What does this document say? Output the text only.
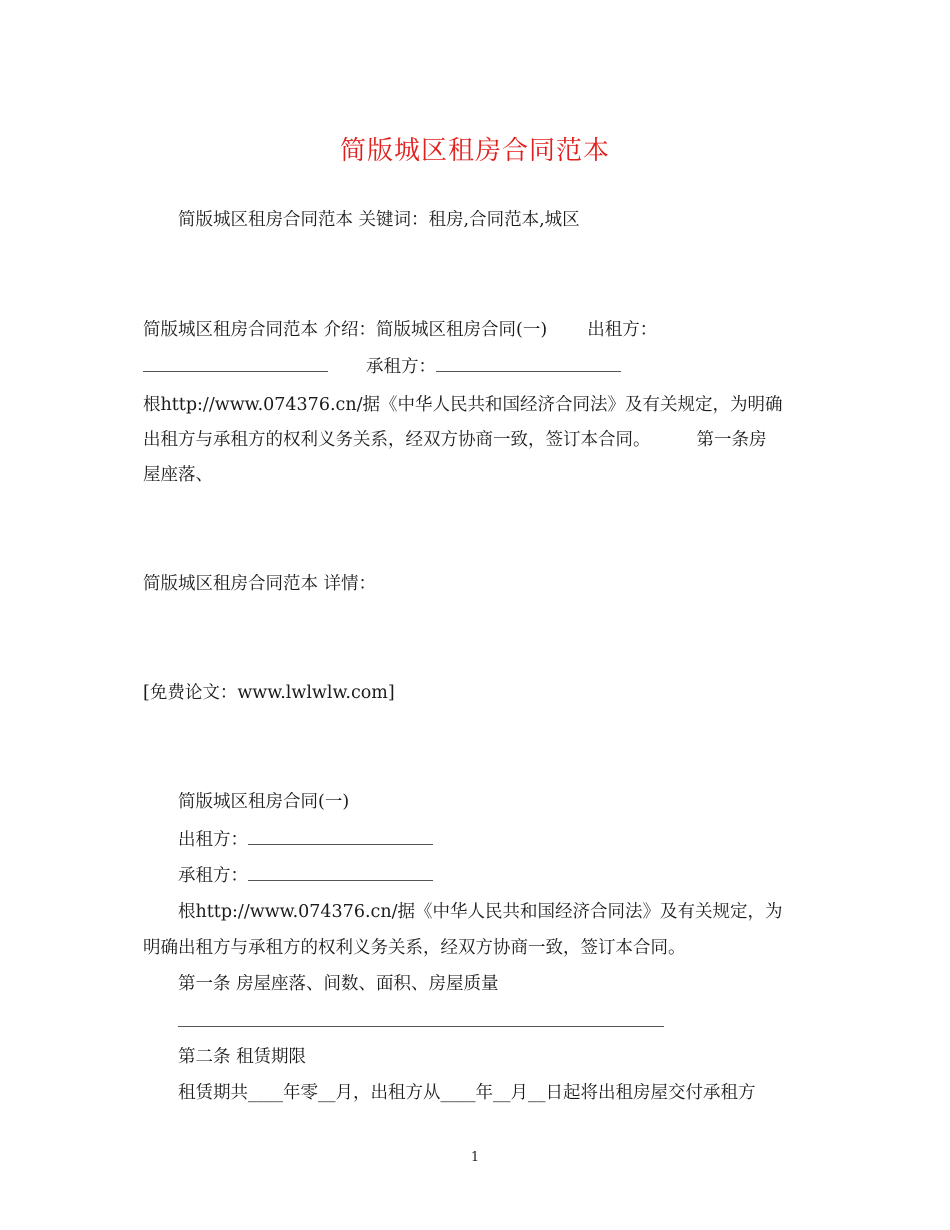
简版城区租房合同范本
简版城区租房合同范本 关键词：租房,合同范本,城区
简版城区租房合同范本 介绍：简版城区租房合同(一) 出租方：
承租方：
根http://www.074376.cn/据《中华人民共和国经济合同法》及有关规定，为明确
出租方与承租方的权利义务关系，经双方协商一致，签订本合同。	第一条房
屋座落、
简版城区租房合同范本 详情：
[免费论文：www.lwlwlw.com]
简版城区租房合同(一)
出租方：
承租方：
根http://www.074376.cn/据《中华人民共和国经济合同法》及有关规定，为
明确出租方与承租方的权利义务关系，经双方协商一致，签订本合同。
第一条 房屋座落、间数、面积、房屋质量
第二条 租赁期限
租赁期共____年零__月，出租方从____年__月__日起将出租房屋交付承租方
1
